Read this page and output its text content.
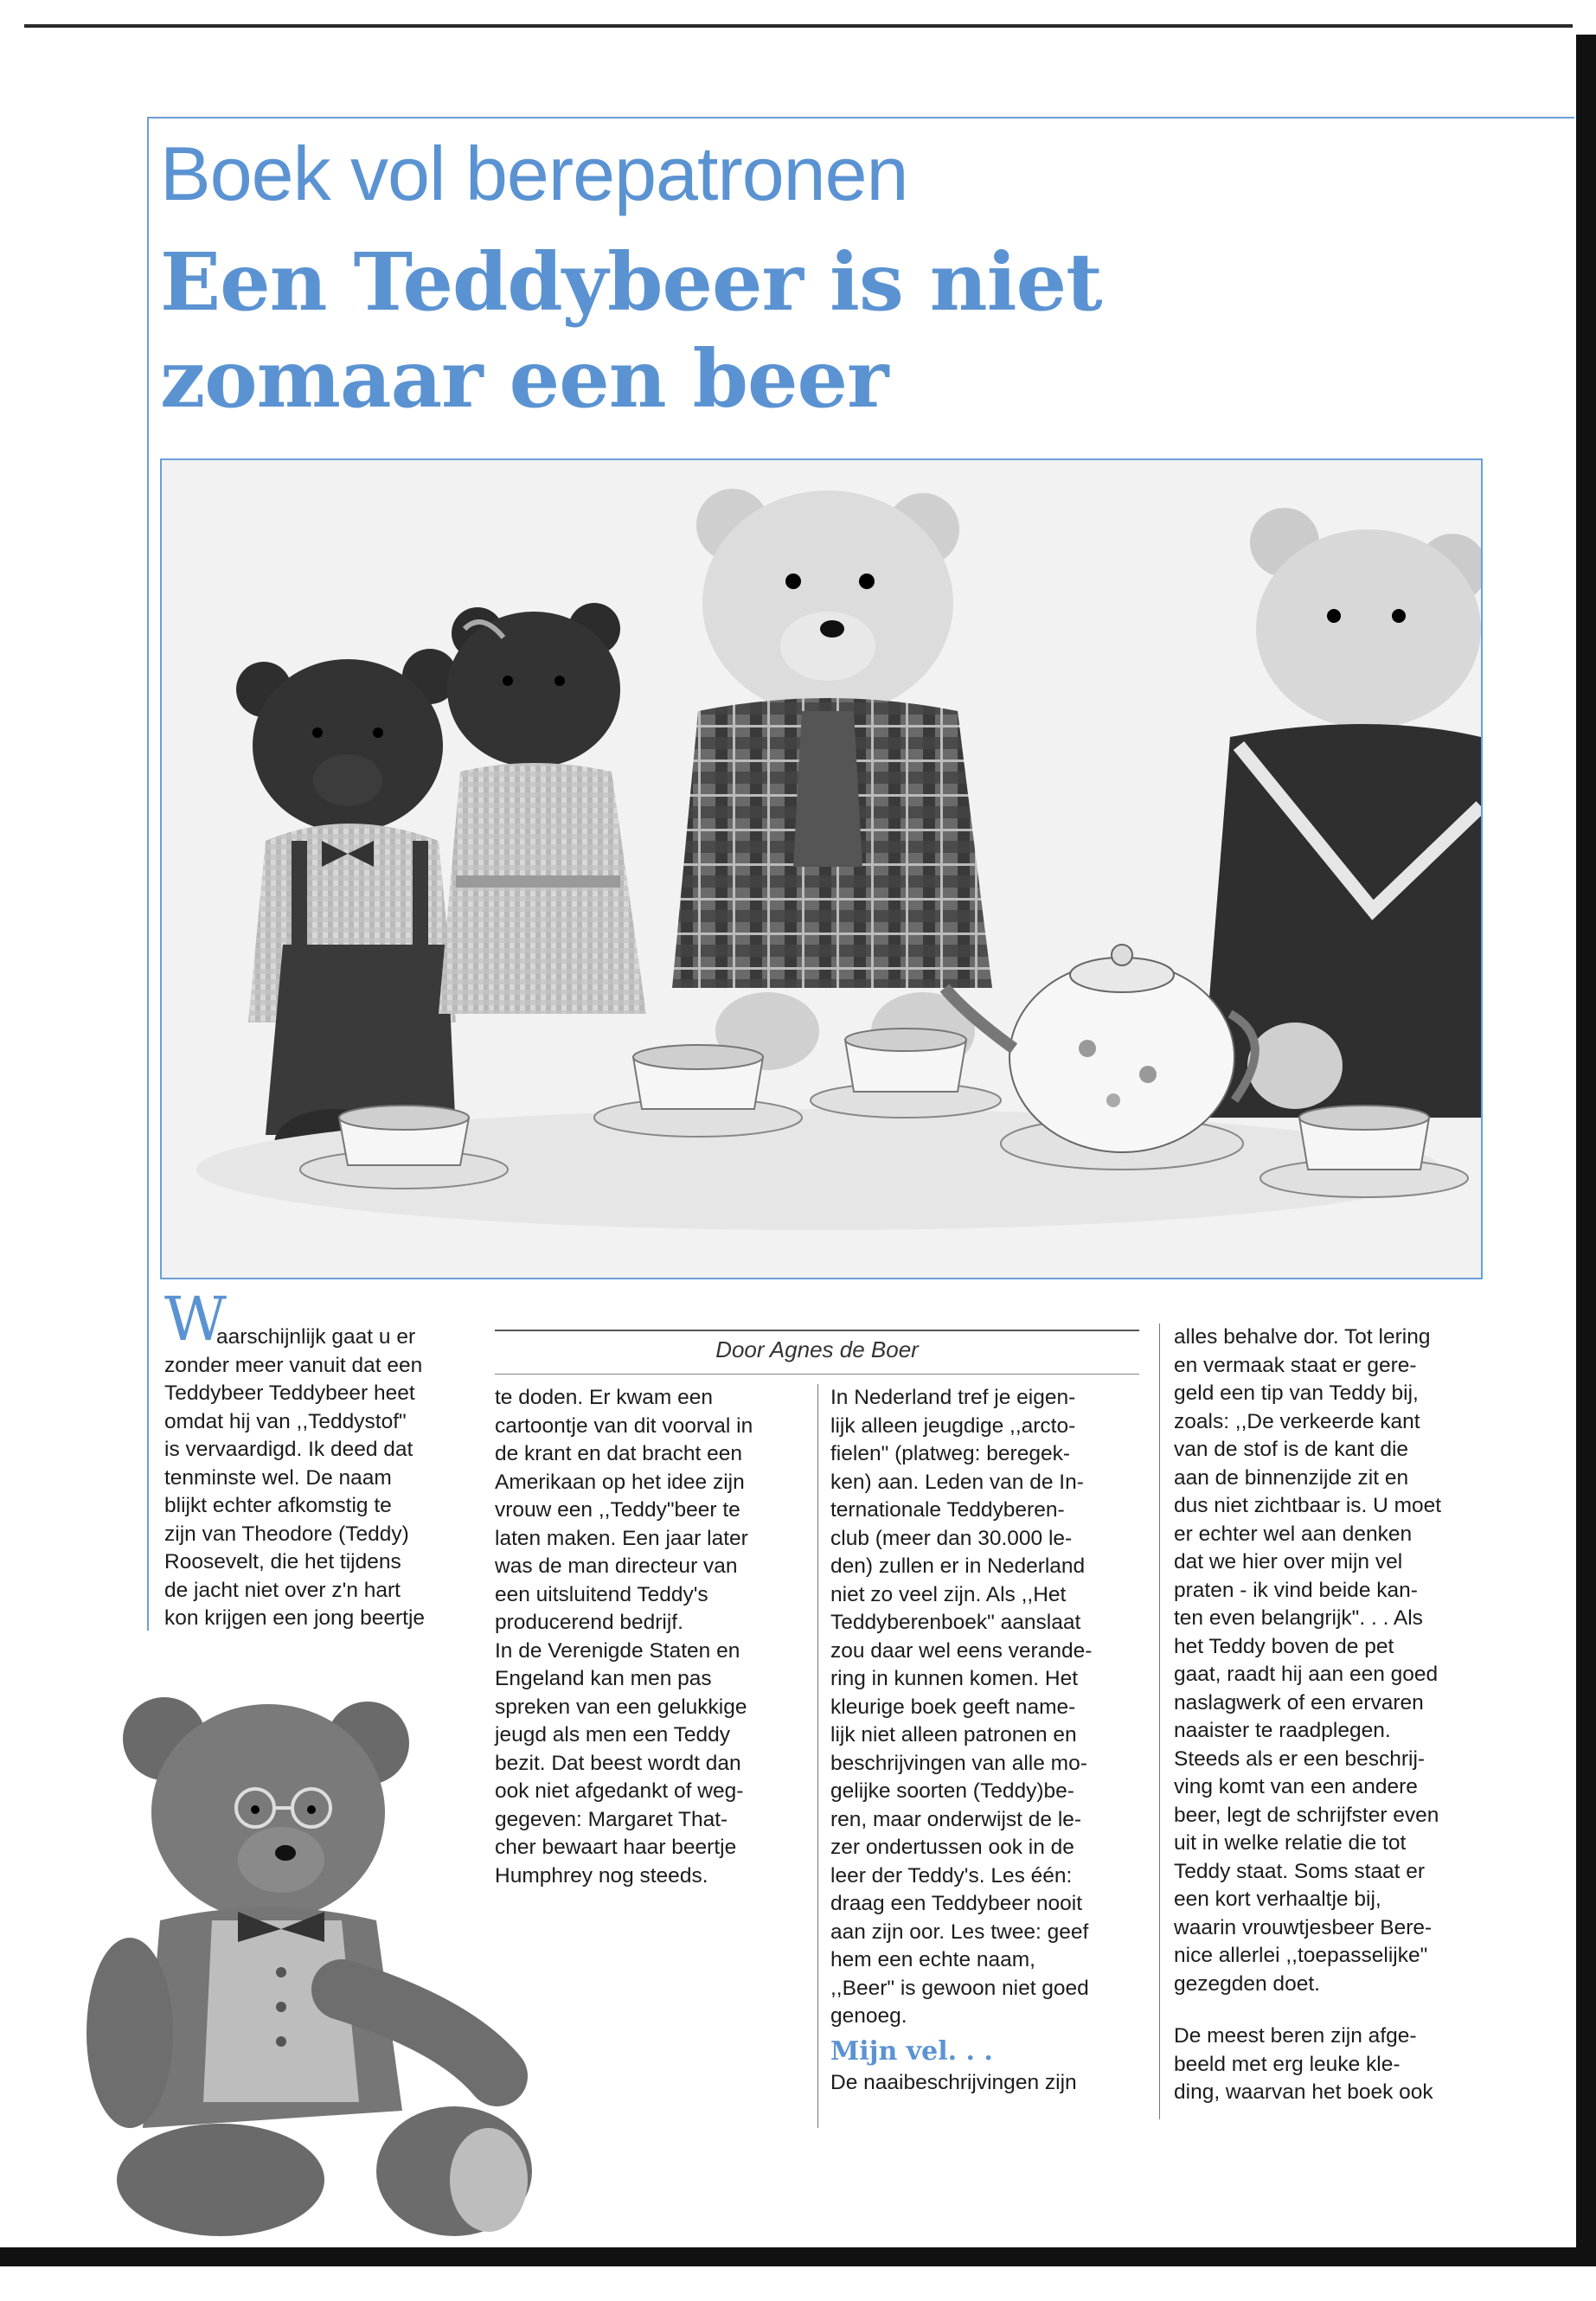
Boek vol berepatronen
Een Teddybeer is niet zomaar een beer
W

aarschijnlijk gaat u er
zonder meer vanuit dat een
Teddybeer Teddybeer heet
omdat hij van ,,Teddystof"
is vervaardigd. Ik deed dat
tenminste wel. De naam
blijkt echter afkomstig te
zijn van Theodore (Teddy)
Roosevelt, die het tijdens
de jacht niet over z'n hart
kon krijgen een jong beertje

Door Agnes de Boer

te doden. Er kwam een
cartoontje van dit voorval in
de krant en dat bracht een
Amerikaan op het idee zijn
vrouw een ,,Teddy"beer te
laten maken. Een jaar later
was de man directeur van
een uitsluitend Teddy's
producerend bedrijf.
In de Verenigde Staten en
Engeland kan men pas
spreken van een gelukkige
jeugd als men een Teddy
bezit. Dat beest wordt dan
ook niet afgedankt of weg-
gegeven: Margaret That-
cher bewaart haar beertje
Humphrey nog steeds.

In Nederland tref je eigen-
lijk alleen jeugdige ,,arcto-
fielen" (platweg: beregek-
ken) aan. Leden van de In-
ternationale Teddyberen-
club (meer dan 30.000 le-
den) zullen er in Nederland
niet zo veel zijn. Als ,,Het
Teddyberenboek" aanslaat
zou daar wel eens verande-
ring in kunnen komen. Het
kleurige boek geeft name-
lijk niet alleen patronen en
beschrijvingen van alle mo-
gelijke soorten (Teddy)be-
ren, maar onderwijst de le-
zer ondertussen ook in de
leer der Teddy's. Les één:
draag een Teddybeer nooit
aan zijn oor. Les twee: geef
hem een echte naam,
,,Beer" is gewoon niet goed
genoeg.

Mijn vel. . .

De naaibeschrijvingen zijn

alles behalve dor. Tot lering
en vermaak staat er gere-
geld een tip van Teddy bij,
zoals: ,,De verkeerde kant
van de stof is de kant die
aan de binnenzijde zit en
dus niet zichtbaar is. U moet
er echter wel aan denken
dat we hier over mijn vel
praten - ik vind beide kan-
ten even belangrijk". . . Als
het Teddy boven de pet
gaat, raadt hij aan een goed
naslagwerk of een ervaren
naaister te raadplegen.
Steeds als er een beschrij-
ving komt van een andere
beer, legt de schrijfster even
uit in welke relatie die tot
Teddy staat. Soms staat er
een kort verhaaltje bij,
waarin vrouwtjesbeer Bere-
nice allerlei ,,toepasselijke"
gezegden doet.

De meest beren zijn afge-
beeld met erg leuke kle-
ding, waarvan het boek ook
